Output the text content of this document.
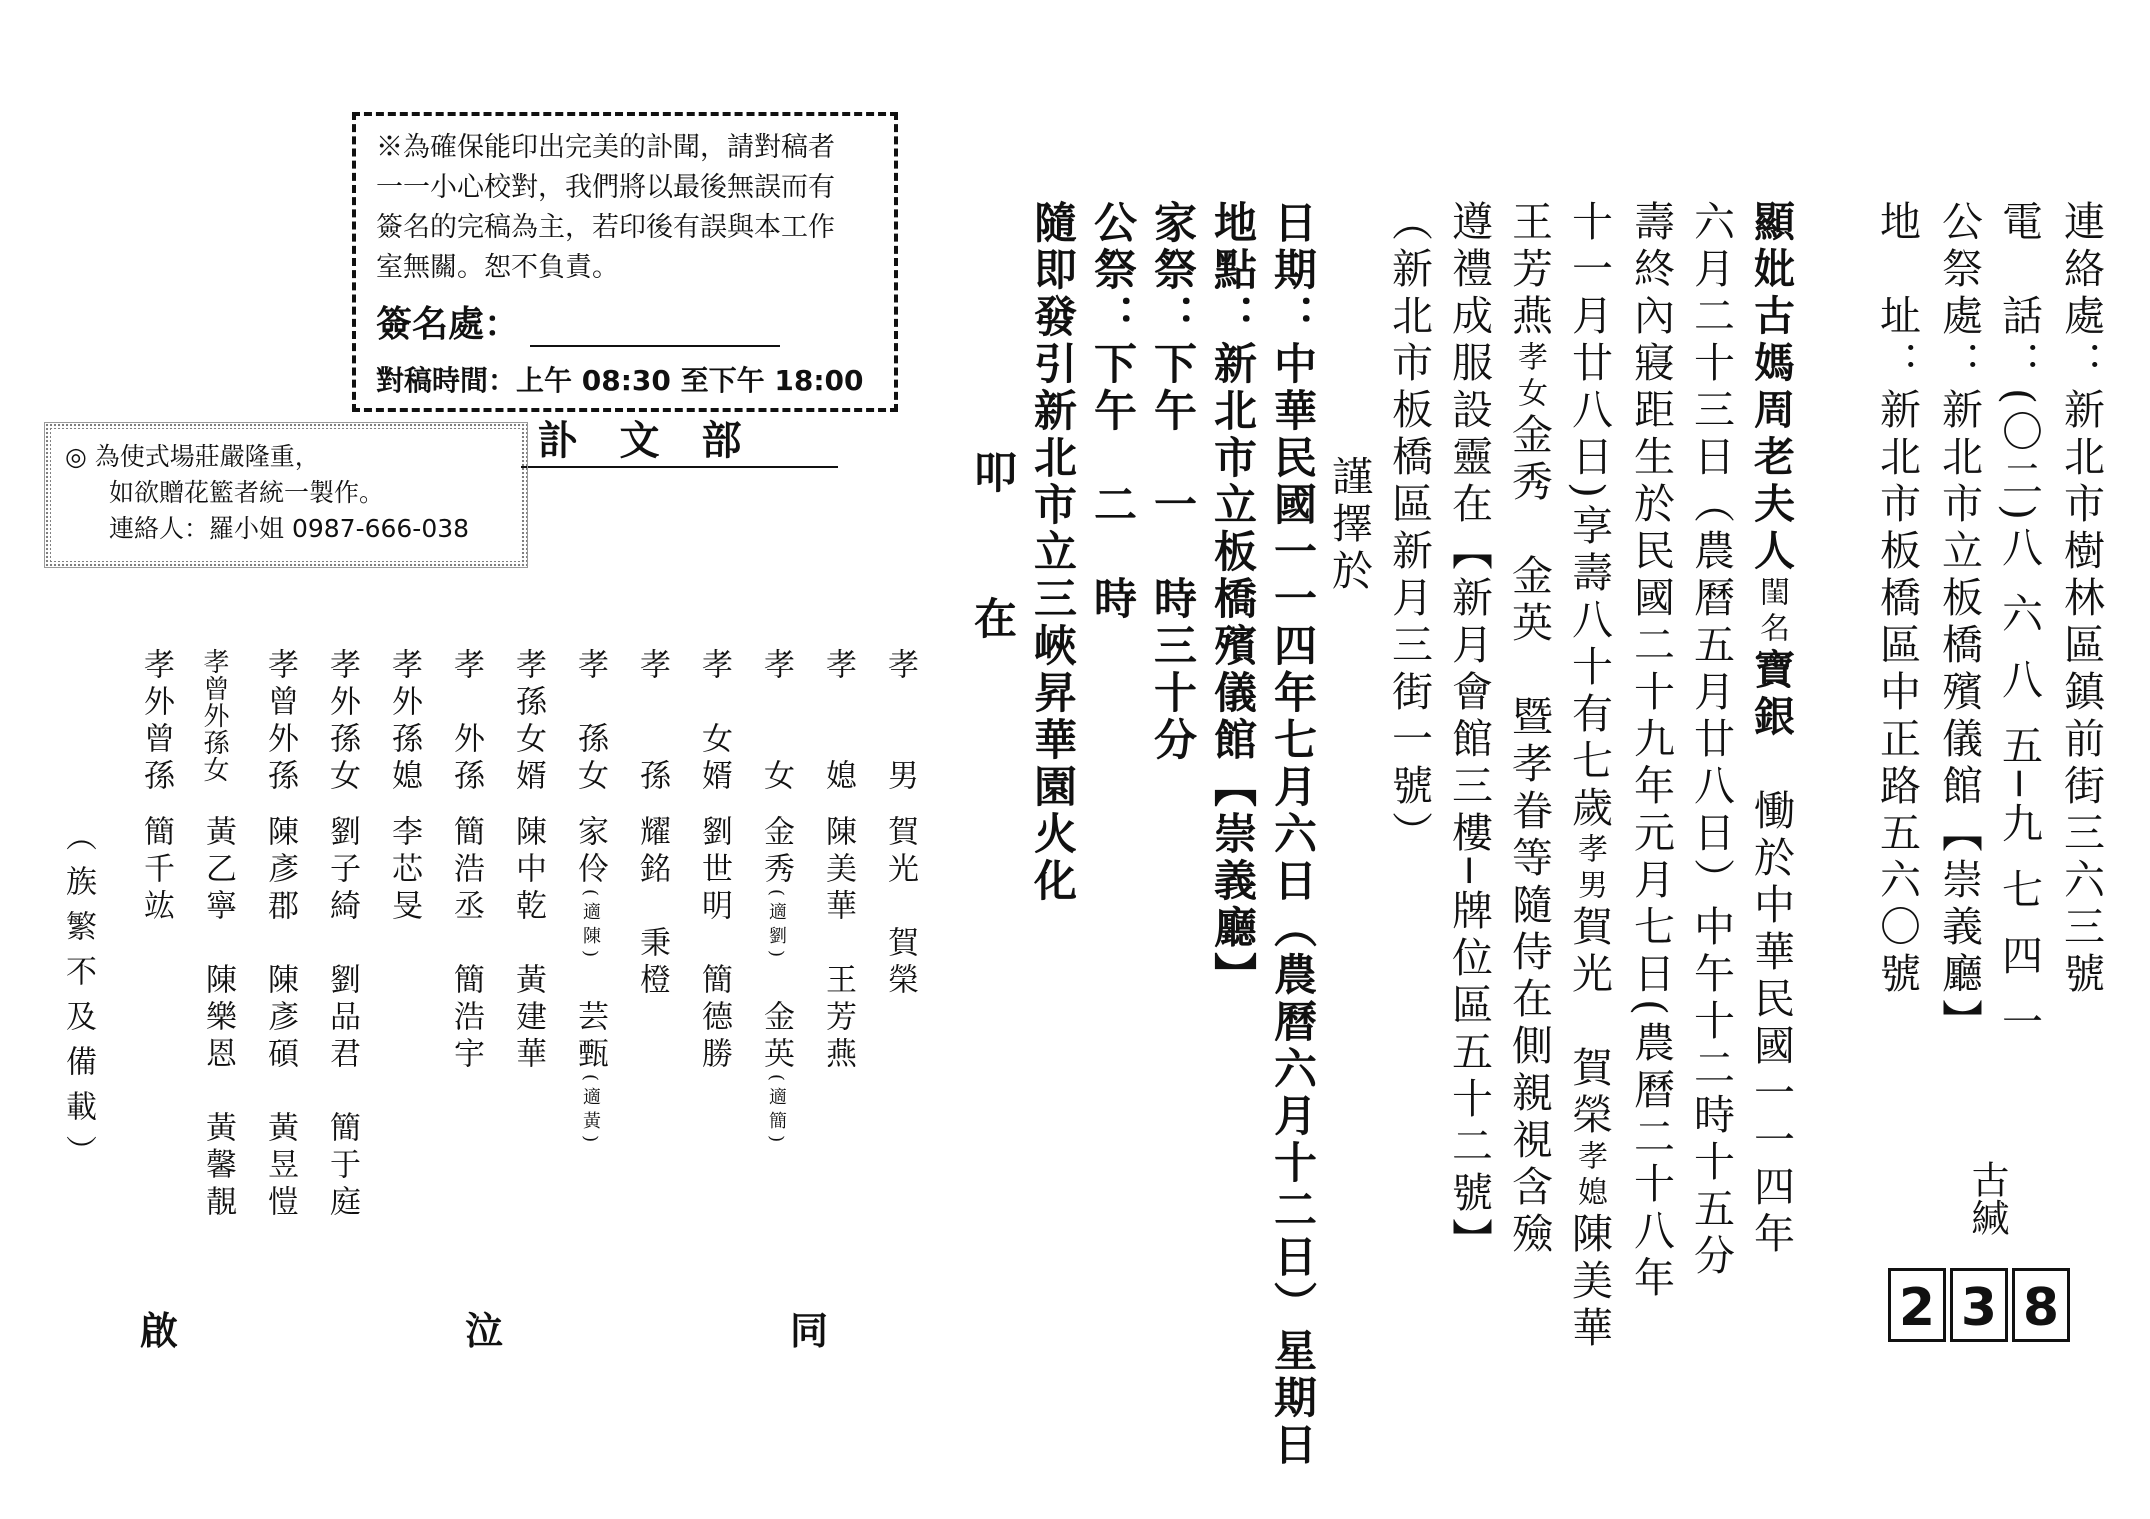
※為確保能印出完美的訃聞，請對稿者
一一小心校對，我們將以最後無誤而有
簽名的完稿為主，若印後有誤與本工作
室無關。恕不負責。
簽名處：
對稿時間：上午 08:30 至下午 18:00
訃文部
◎ 為使式場莊嚴隆重，
如欲贈花籃者統一製作。
連絡人：羅小姐 0987-666-038	連絡處：新北市樹林區鎮前街三六三號
電　話：(〇二)八 六 八 五─九 七 四 一
公祭處：新北市立板橋殯儀館【崇義廳】
地　址：新北市板橋區中正路五六〇號
顯妣古媽周老夫人閨名寶銀　慟於中華民國一一四年
六月二十三日（農曆五月廿八日）中午十二時十五分
壽終內寢距生於民國二十九年元月七日(農曆二十八年
十一月廿八日)享壽八十有七歲孝男賀光　賀榮孝媳陳美華
王芳燕孝女金秀　金英　暨孝眷等隨侍在側親視含殮
遵禮成服設靈在【新月會館三樓─牌位區五十二號】
（新北市板橋區新月三街一號）
謹擇於
日期：中華民國一一四年七月六日（農曆六月十二日）星期日
地點：新北市立板橋殯儀館【崇義廳】
家祭：下午　一　時三十分
公祭：下午　二　時
隨即發引新北市立三峽昇華園火化
叩　在
孝　　男
賀光　賀榮
孝　　媳
陳美華　王芳燕
孝　　女
金秀(適劉)　金英(適簡)
孝　女婿
劉世明　簡德勝
孝　　孫
耀銘　秉橙
孝　孫女
家伶(適陳)　芸甄(適黃)
孝孫女婿
陳中乾　黃建華
孝　外孫
簡浩丞　簡浩宇
孝外孫媳
李芯旻
孝外孫女
劉子綺　劉品君　簡于庭
孝曾外孫
陳彥郡　陳彥碩　黃昱愷
孝曾外孫女
黃乙寧　陳樂恩　黃馨靚
孝外曾孫
簡千竑
（族繁不及備載）
同
泣
啟
古緘
2 3 8
